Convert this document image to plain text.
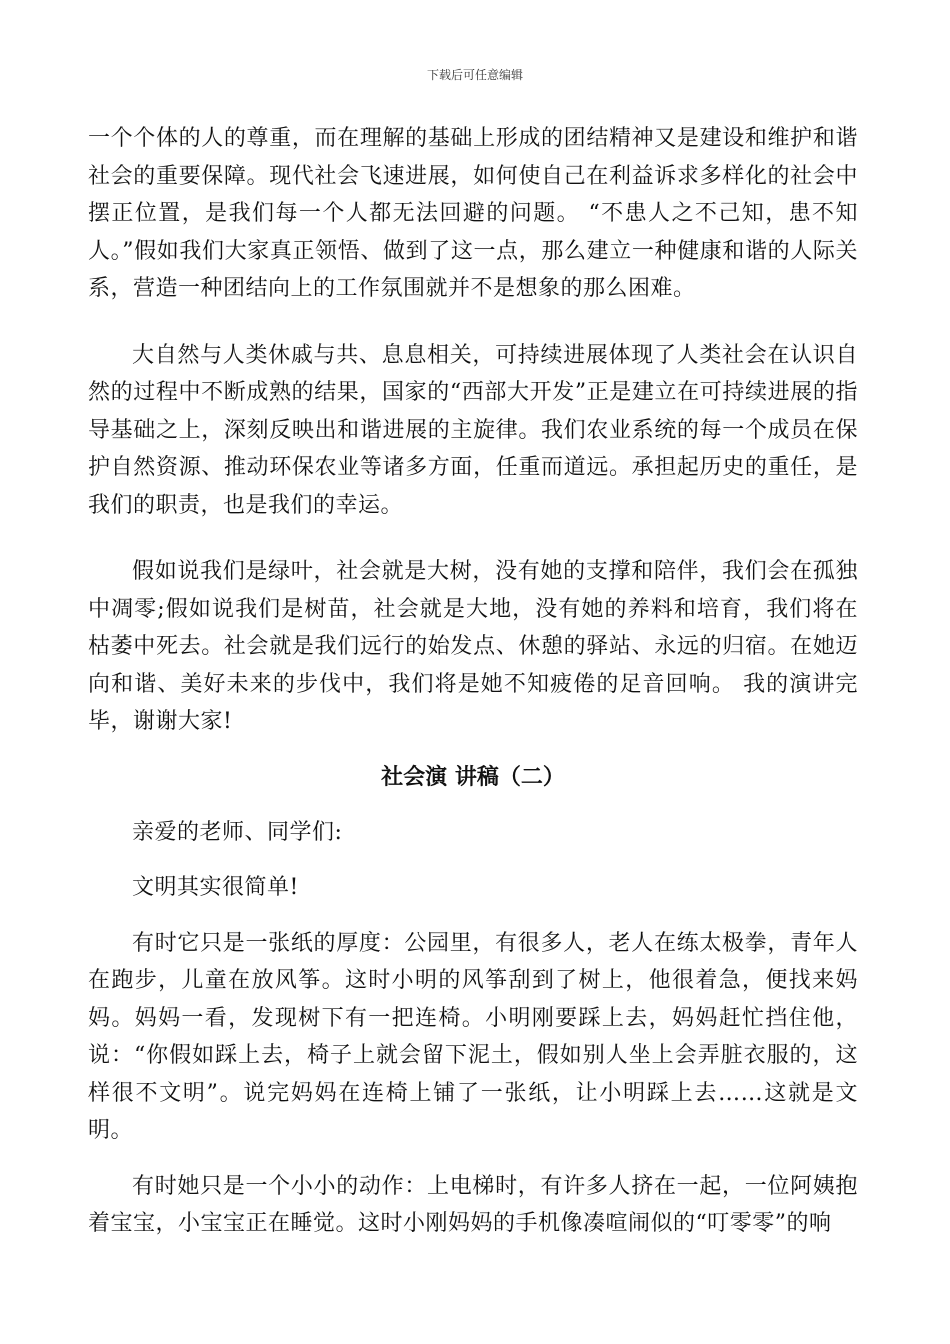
下载后可任意编辑

一个个体的人的尊重，而在理解的基础上形成的团结精神又是建设和维护和谐社会的重要保障。现代社会飞速进展，如何使自己在利益诉求多样化的社会中摆正位置，是我们每一个人都无法回避的问题。 “不患人之不己知，患不知人。”假如我们大家真正领悟、做到了这一点，那么建立一种健康和谐的人际关系，营造一种团结向上的工作氛围就并不是想象的那么困难。

大自然与人类休戚与共、息息相关，可持续进展体现了人类社会在认识自然的过程中不断成熟的结果，国家的“西部大开发”正是建立在可持续进展的指导基础之上，深刻反映出和谐进展的主旋律。我们农业系统的每一个成员在保护自然资源、推动环保农业等诸多方面，任重而道远。承担起历史的重任，是我们的职责，也是我们的幸运。

假如说我们是绿叶，社会就是大树，没有她的支撑和陪伴，我们会在孤独中凋零;假如说我们是树苗，社会就是大地，没有她的养料和培育，我们将在枯萎中死去。社会就是我们远行的始发点、休憩的驿站、永远的归宿。在她迈向和谐、美好未来的步伐中，我们将是她不知疲倦的足音回响。 我的演讲完毕，谢谢大家!

社会演 讲稿（二）

亲爱的老师、同学们:

文明其实很简单!

有时它只是一张纸的厚度：公园里，有很多人，老人在练太极拳，青年人在跑步，儿童在放风筝。这时小明的风筝刮到了树上，他很着急，便找来妈妈。妈妈一看，发现树下有一把连椅。小明刚要踩上去，妈妈赶忙挡住他，说：“你假如踩上去，椅子上就会留下泥土，假如别人坐上会弄脏衣服的，这样很不文明”。说完妈妈在连椅上铺了一张纸，让小明踩上去……这就是文明。

有时她只是一个小小的动作：上电梯时，有许多人挤在一起，一位阿姨抱着宝宝，小宝宝正在睡觉。这时小刚妈妈的手机像凑喧闹似的“叮零零”的响
